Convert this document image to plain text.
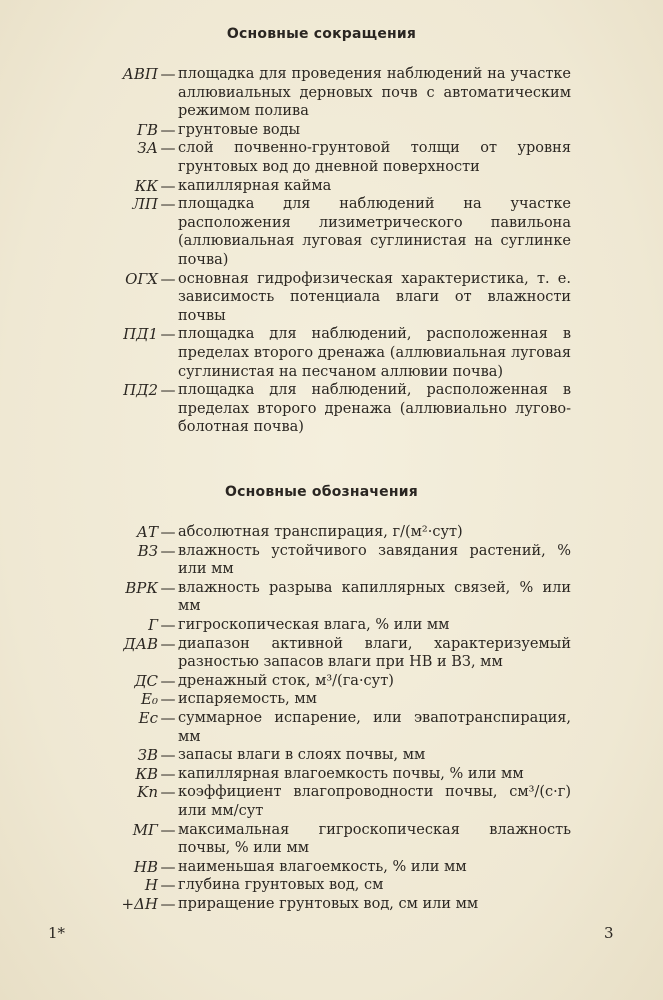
Основные сокращения
АВП — площадка для проведения наблюдений на участке аллювиальных дерновых почв с автоматическим режимом полива
ГВ — грунтовые воды
ЗА — слой почвенно-грунтовой толщи от уровня грунтовых вод до дневной поверхности
КК — капиллярная кайма
ЛП — площадка для наблюдений на участке расположения лизиметрического павильона (аллювиальная луговая суглинистая на суглинке почва)
ОГХ — основная гидрофизическая характеристика, т. е. зависимость потенциала влаги от влажности почвы
ПД1 — площадка для наблюдений, расположенная в пределах второго дренажа (аллювиальная луговая суглинистая на песчаном аллювии почва)
ПД2 — площадка для наблюдений, расположенная в пределах второго дренажа (аллювиально лугово-болотная почва)
Основные обозначения
АТ — абсолютная транспирация, г/(м²·сут)
ВЗ — влажность устойчивого завядания растений, % или мм
ВРК — влажность разрыва капиллярных связей, % или мм
Г — гигроскопическая влага, % или мм
ДАВ — диапазон активной влаги, характеризуемый разностью запасов влаги при НВ и ВЗ, мм
ДС — дренажный сток, м³/(га·сут)
E₀ — испаряемость, мм
Eс — суммарное испарение, или эвапотранспирация, мм
ЗВ — запасы влаги в слоях почвы, мм
КВ — капиллярная влагоемкость почвы, % или мм
Kп — коэффициент влагопроводности почвы, см³/(с·г) или мм/сут
МГ — максимальная гигроскопическая влажность почвы, % или мм
НВ — наименьшая влагоемкость, % или мм
Н — глубина грунтовых вод, см
+ΔН — приращение грунтовых вод, см или мм
1*	3
